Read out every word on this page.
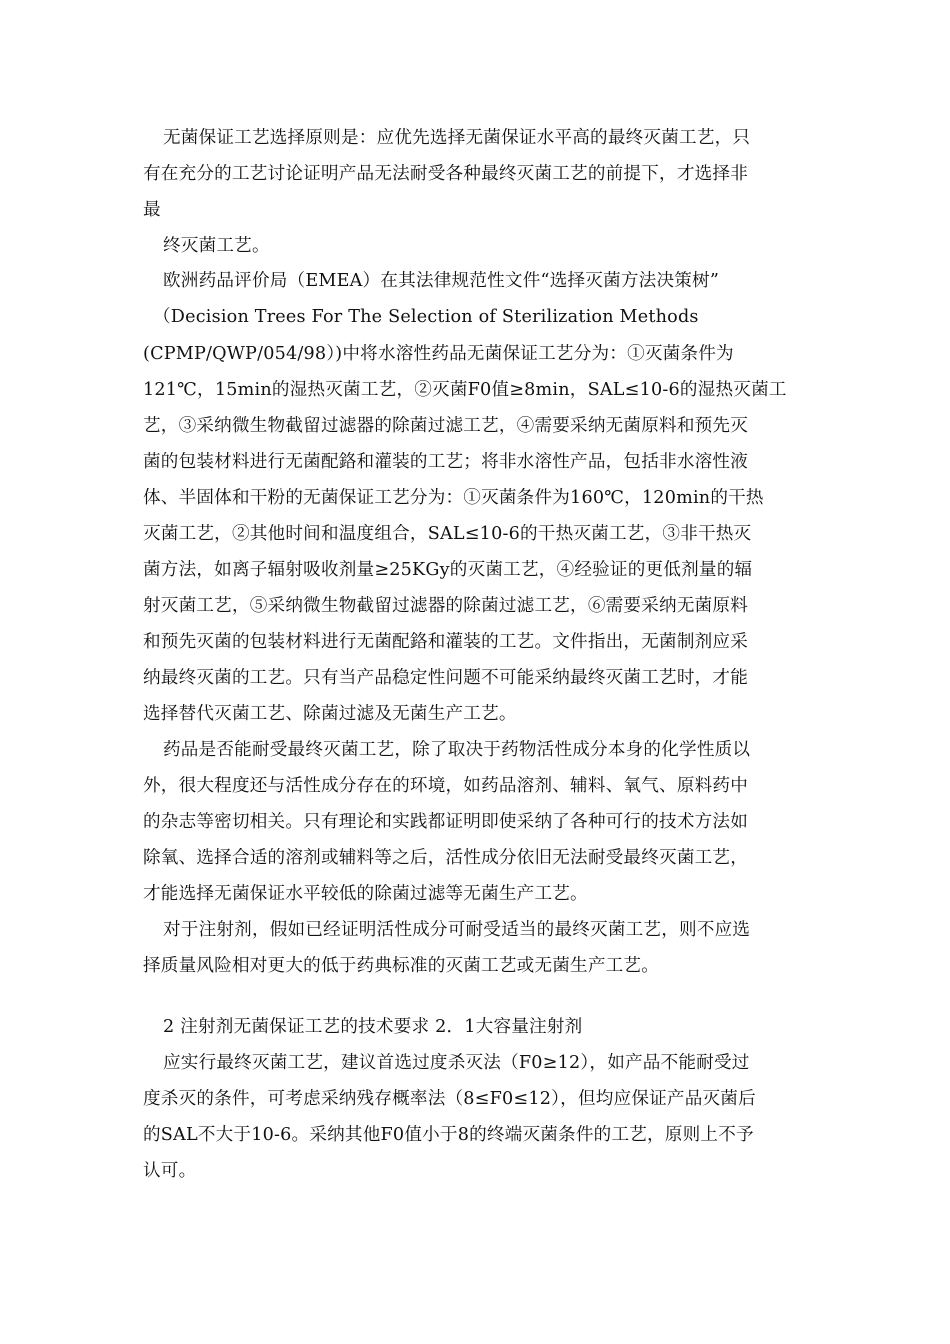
无菌保证工艺选择原则是：应优先选择无菌保证水平高的最终灭菌工艺，只
有在充分的工艺讨论证明产品无法耐受各种最终灭菌工艺的前提下，才选择非
最
终灭菌工艺。
欧洲药品评价局（EMEA）在其法律规范性文件“选择灭菌方法决策树”
（Decision Trees For The Selection of Sterilization Methods
(CPMP/QWP/054/98）)中将水溶性药品无菌保证工艺分为：①灭菌条件为
121℃，15min的湿热灭菌工艺，②灭菌F0值≥8min，SAL≤10-6的湿热灭菌工
艺，③采纳微生物截留过滤器的除菌过滤工艺，④需要采纳无菌原料和预先灭
菌的包装材料进行无菌配鉻和灌装的工艺；将非水溶性产品，包括非水溶性液
体、半固体和干粉的无菌保证工艺分为：①灭菌条件为160℃，120min的干热
灭菌工艺，②其他时间和温度组合，SAL≤10-6的干热灭菌工艺，③非干热灭
菌方法，如离子辐射吸收剂量≥25KGy的灭菌工艺，④经验证的更低剂量的辐
射灭菌工艺，⑤采纳微生物截留过滤器的除菌过滤工艺，⑥需要采纳无菌原料
和预先灭菌的包装材料进行无菌配鉻和灌装的工艺。文件指出，无菌制剂应采
纳最终灭菌的工艺。只有当产品稳定性问题不可能采纳最终灭菌工艺时，才能
选择替代灭菌工艺、除菌过滤及无菌生产工艺。
药品是否能耐受最终灭菌工艺，除了取决于药物活性成分本身的化学性质以
外，很大程度还与活性成分存在的环境，如药品溶剂、辅料、氧气、原料药中
的杂志等密切相关。只有理论和实践都证明即使采纳了各种可行的技术方法如
除氧、选择合适的溶剂或辅料等之后，活性成分依旧无法耐受最终灭菌工艺，
才能选择无菌保证水平较低的除菌过滤等无菌生产工艺。
对于注射剂，假如已经证明活性成分可耐受适当的最终灭菌工艺，则不应选
择质量风险相对更大的低于药典标准的灭菌工艺或无菌生产工艺。
2 注射剂无菌保证工艺的技术要求 2．1大容量注射剂
应实行最终灭菌工艺，建议首选过度杀灭法（F0≥12），如产品不能耐受过
度杀灭的条件，可考虑采纳残存概率法（8≤F0≤12），但均应保证产品灭菌后
的SAL不大于10-6。采纳其他F0值小于8的终端灭菌条件的工艺，原则上不予
认可。
